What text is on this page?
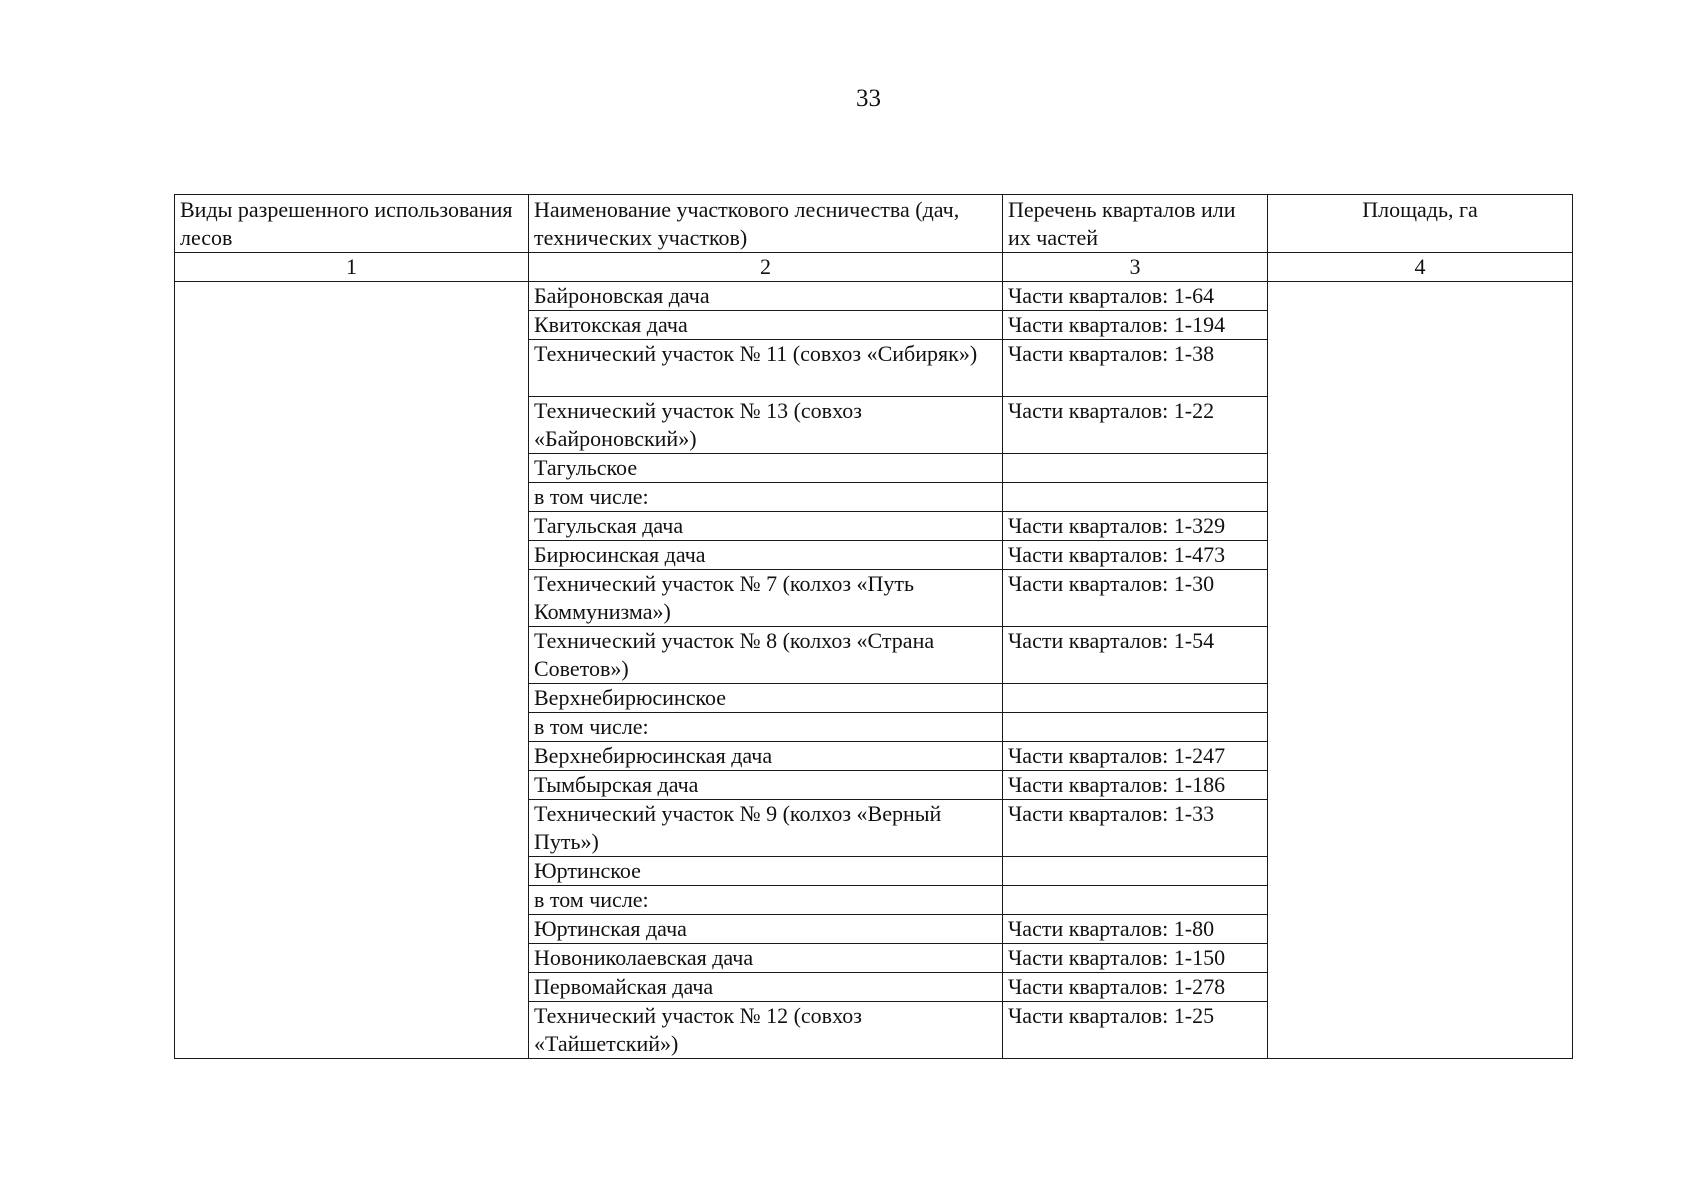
33
Виды разрешенного использования лесов	Наименование участкового лесничества (дач, технических участков)	Перечень кварталов или их частей	Площадь, га
1	2	3	4
	Байроновская дача	Части кварталов: 1-64	
	Квитокская дача	Части кварталов: 1-194	
	Технический участок № 11 (совхоз «Сибиряк»)	Части кварталов: 1-38	
	Технический участок № 13 (совхоз «Байроновский»)	Части кварталов: 1-22	
	Тагульское		
	в том числе:		
	Тагульская дача	Части кварталов: 1-329	
	Бирюсинская дача	Части кварталов: 1-473	
	Технический участок № 7 (колхоз «Путь Коммунизма»)	Части кварталов: 1-30	
	Технический участок № 8 (колхоз «Страна Советов»)	Части кварталов: 1-54	
	Верхнебирюсинское		
	в том числе:		
	Верхнебирюсинская дача	Части кварталов: 1-247	
	Тымбырская дача	Части кварталов: 1-186	
	Технический участок № 9 (колхоз «Верный Путь»)	Части кварталов: 1-33	
	Юртинское		
	в том числе:		
	Юртинская дача	Части кварталов: 1-80	
	Новониколаевская дача	Части кварталов: 1-150	
	Первомайская дача	Части кварталов: 1-278	
	Технический участок № 12 (совхоз «Тайшетский»)	Части кварталов: 1-25	
